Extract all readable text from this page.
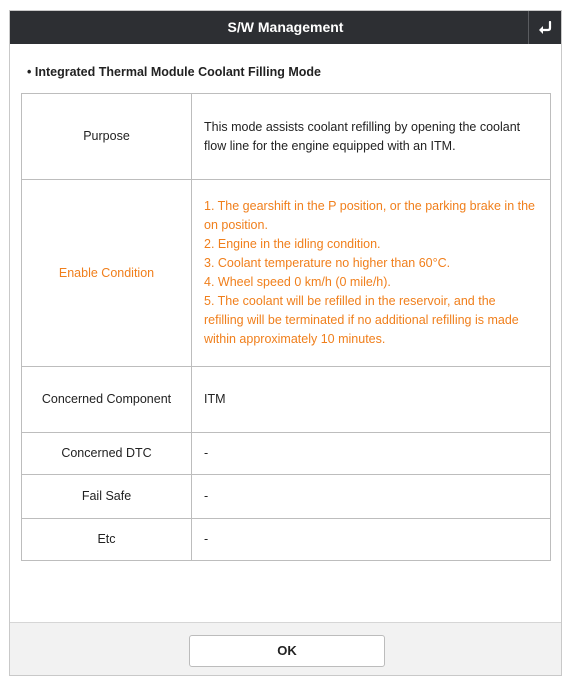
S/W Management
• Integrated Thermal Module Coolant Filling Mode
Purpose	This mode assists coolant refilling by opening the coolant flow line for the engine equipped with an ITM.
Enable Condition	1. The gearshift in the P position, or the parking brake in the on position.
2. Engine in the idling condition.
3. Coolant temperature no higher than 60°C.
4. Wheel speed 0 km/h (0 mile/h).
5. The coolant will be refilled in the reservoir, and the refilling will be terminated if no additional refilling is made within approximately 10 minutes.

Concerned Component	ITM
Concerned DTC	-
Fail Safe	-
Etc	-
OK
